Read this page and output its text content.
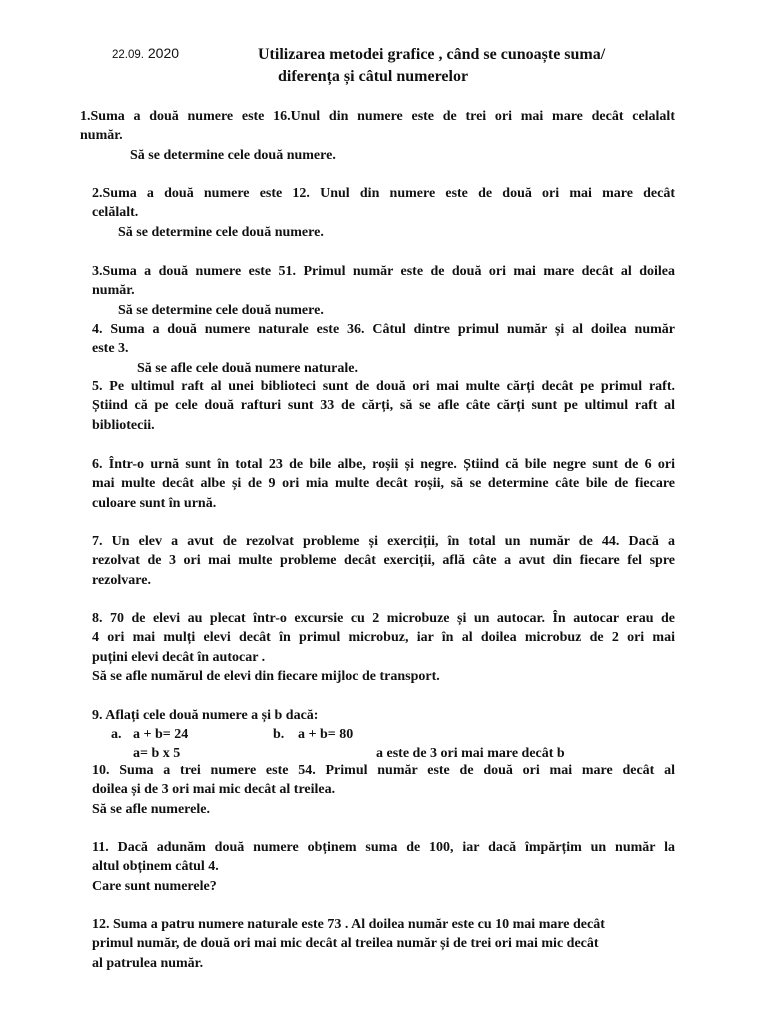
22.09. 2020	Utilizarea metodei grafice , când se cunoaște suma/
diferența și câtul numerelor
1.Suma a două numere este 16.Unul din numere este de trei ori mai mare decât celalalt
număr.
Să se determine cele două numere.
2.Suma a două numere este 12. Unul din numere este de două ori mai mare decât
celălalt.
Să se determine cele două numere.
3.Suma a două numere este 51. Primul număr este de două ori mai mare decât al doilea
număr.
Să se determine cele două numere.
4. Suma a două numere naturale este 36. Câtul dintre primul număr și al doilea număr
este 3.
Să se afle cele două numere naturale.
5. Pe ultimul raft al unei biblioteci sunt de două ori mai multe cărți decât pe primul raft.
Știind că pe cele două rafturi sunt 33 de cărți, să se afle câte cărți sunt pe ultimul raft al
bibliotecii.
6. Într-o urnă sunt în total 23 de bile albe, roșii și negre. Știind că bile negre sunt de 6 ori
mai multe decât albe și de 9 ori mia multe decât roșii, să se determine câte bile de fiecare
culoare sunt în urnă.
7. Un elev a avut de rezolvat probleme și exerciții, în total un număr de 44. Dacă a
rezolvat de 3 ori mai multe probleme decât exerciții, află câte a avut din fiecare fel spre
rezolvare.
8. 70 de elevi au plecat într-o excursie cu 2 microbuze și un autocar. În autocar erau de
4 ori mai mulți elevi decât în primul microbuz, iar în al doilea microbuz de 2 ori mai
puțini elevi decât în autocar .
Să se afle numărul de elevi din fiecare mijloc de transport.
9. Aflați cele două numere a și b dacă:
a. a + b= 24	b. a + b= 80
a= b x 5	a este de 3 ori mai mare decât b
10. Suma a trei numere este 54. Primul număr este de două ori mai mare decât al
doilea și de 3 ori mai mic decât al treilea.
Să se afle numerele.
11. Dacă adunăm două numere obținem suma de 100, iar dacă împărțim un număr la
altul obținem câtul 4.
Care sunt numerele?
12. Suma a patru numere naturale este 73 . Al doilea număr este cu 10 mai mare decât
primul număr, de două ori mai mic decât al treilea număr și de trei ori mai mic decât
al patrulea număr.
